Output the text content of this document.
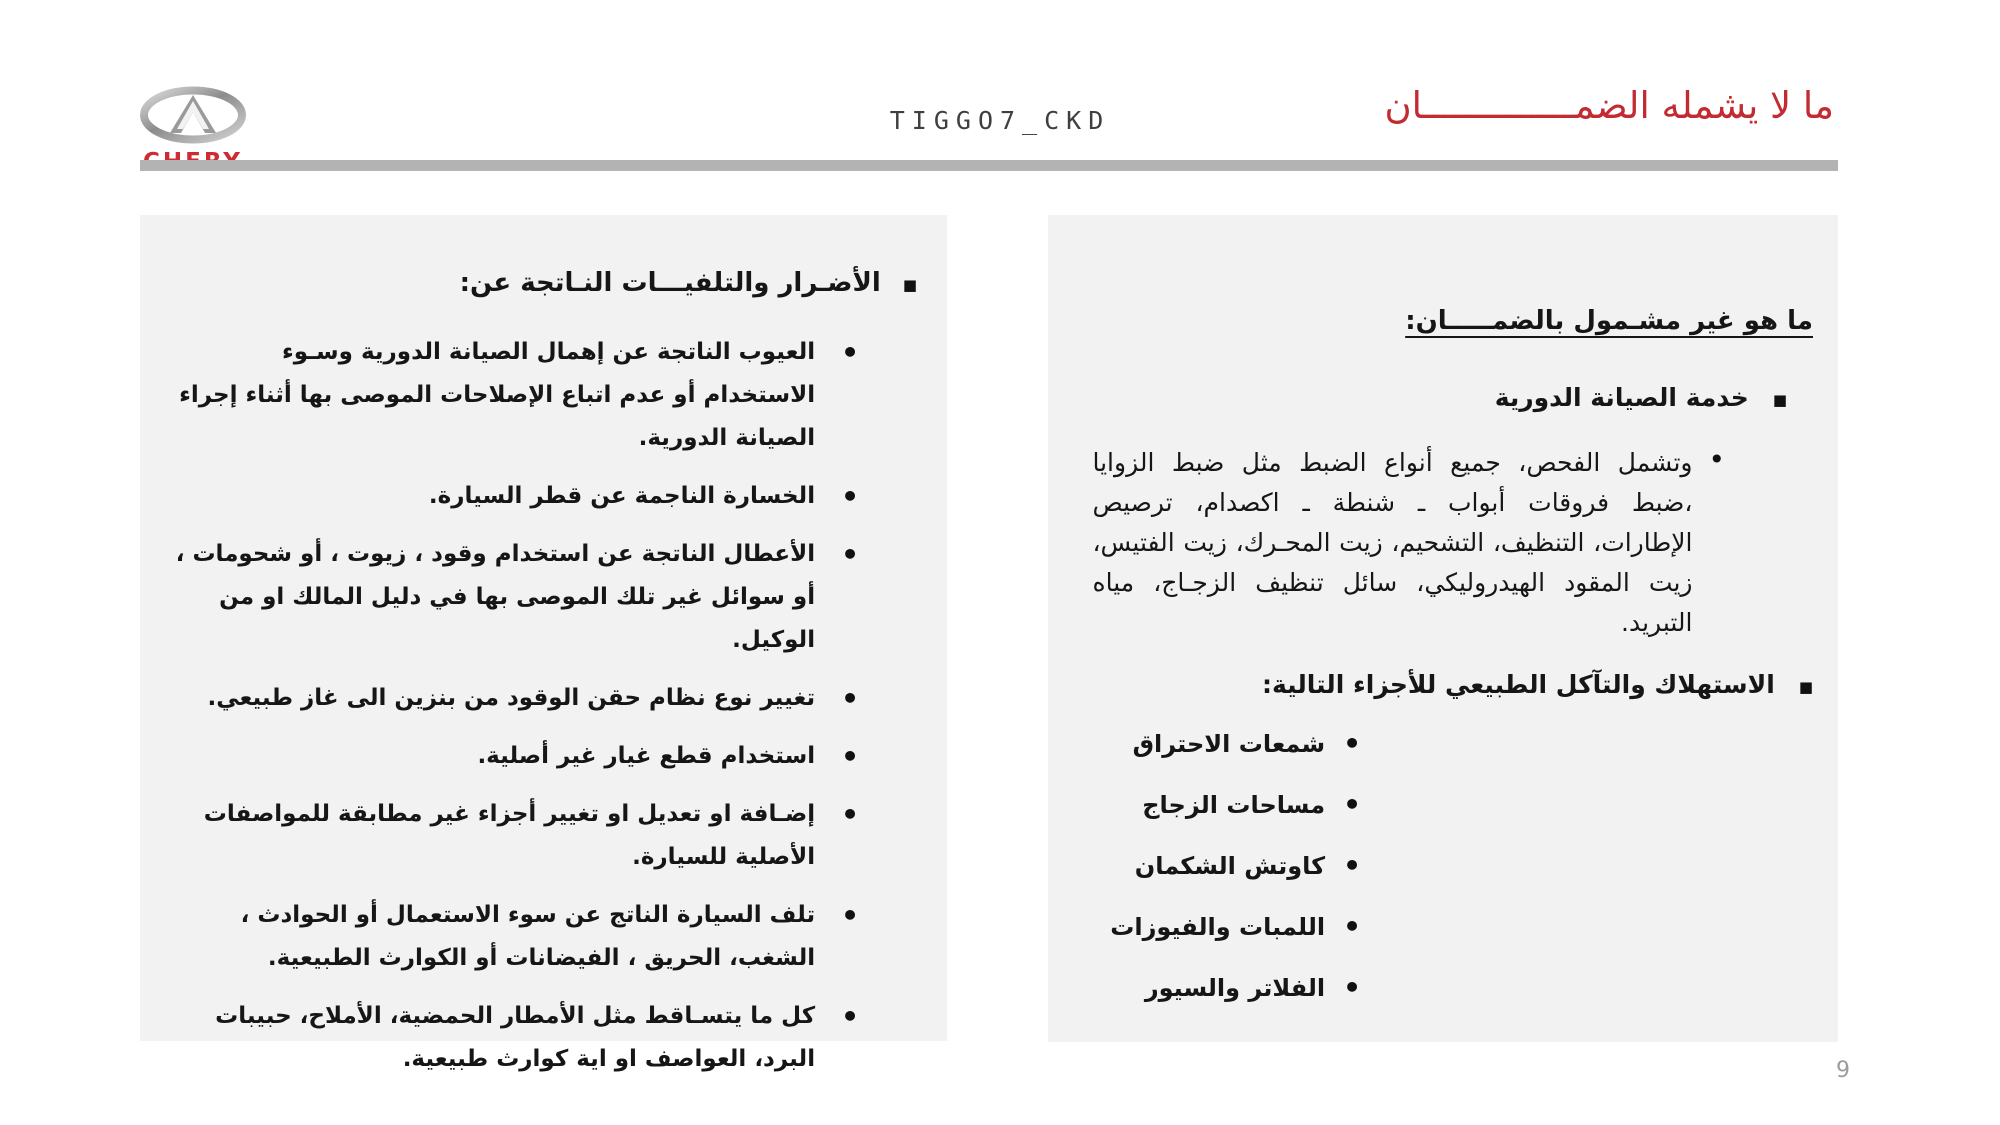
TIGGO7_CKD	ما لا يشمله الضمــــــــــــــان
■
الأضـرار والتلفيـــات النـاتجة عن:
•
العيوب الناتجة عن إهمال الصيانة الدورية وسـوء الاستخدام أو عدم اتباع الإصلاحات الموصى بها أثناء إجراء الصيانة الدورية.
•
الخسارة الناجمة عن قطر السيارة.
•
الأعطال الناتجة عن استخدام وقود ، زيوت ، أو شحومات ، أو سوائل غير تلك الموصى بها في دليل المالك او من الوكيل.
•
تغيير نوع نظام حقن الوقود من بنزين الى غاز طبيعي.
•
استخدام قطع غيار غير أصلية.
•
إضـافة او تعديل او تغيير أجزاء غير مطابقة للمواصفات الأصلية للسيارة.
•
تلف السيارة الناتج عن سوء الاستعمال أو الحوادث ، الشغب، الحريق ، الفيضانات أو الكوارث الطبيعية.
•
كل ما يتسـاقط مثل الأمطار الحمضية، الأملاح، حبيبات البرد، العواصف او اية كوارث طبيعية.
ما هو غير مشـمول بالضمـــــان:
■
خدمة الصيانة الدورية
•
وتشمل الفحص، جميع أنواع الضبط مثل ضبط الزوايا ،ضبط فروقات أبواب ـ شنطة ـ اكصدام، ترصيص الإطارات، التنظيف، التشحيم، زيت المحـرك، زيت الفتيس، زيت المقود الهيدروليكي، سائل تنظيف الزجـاج، مياه التبريد.
■
الاستهلاك والتآكل الطبيعي للأجزاء التالية:
•
شمعات الاحتراق
•
مساحات الزجاج
•
كاوتش الشكمان
•
اللمبات والفيوزات
•
الفلاتر والسيور
9
